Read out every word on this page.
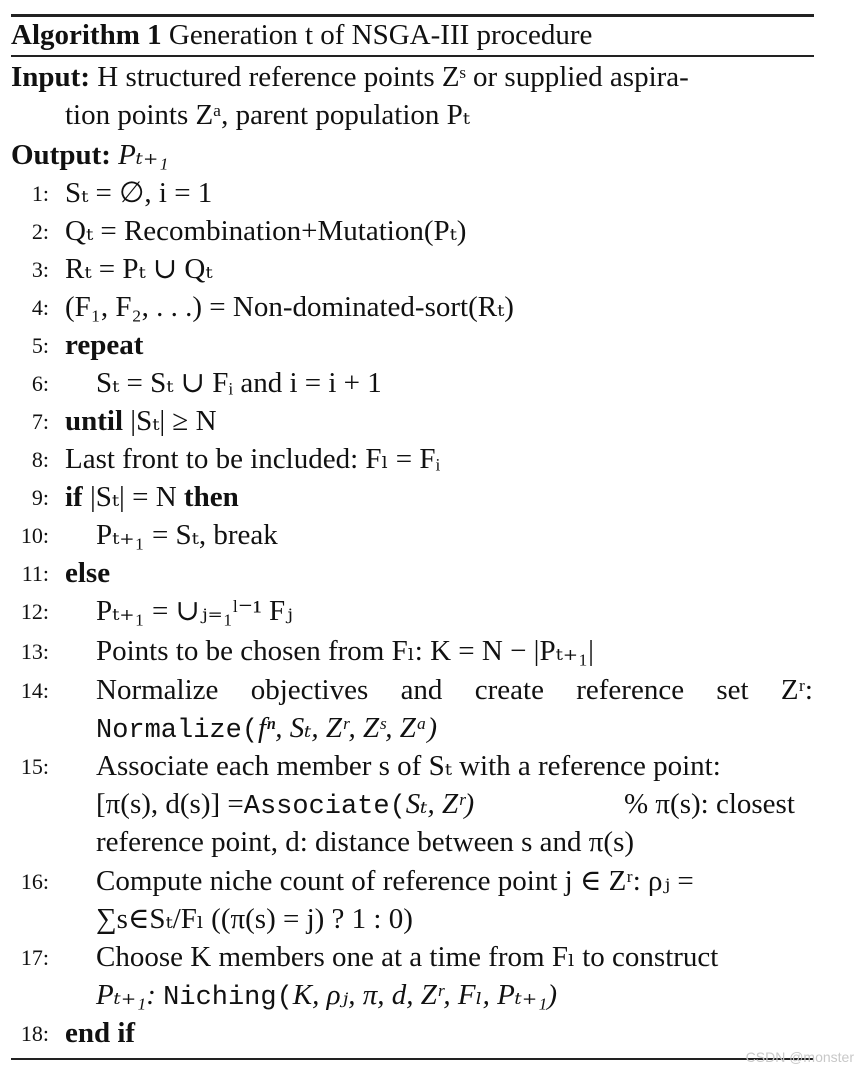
Algorithm 1 Generation t of NSGA-III procedure
Input: H structured reference points Zˢ or supplied aspira-
tion points Zᵃ, parent population Pₜ
Output: Pₜ₊₁
1: Sₜ = ∅, i = 1
2: Qₜ = Recombination+Mutation(Pₜ)
3: Rₜ = Pₜ ∪ Qₜ
4: (F₁, F₂, . . .) = Non-dominated-sort(Rₜ)
5: repeat
6: Sₜ = Sₜ ∪ Fᵢ and i = i + 1
7: until |Sₜ| ≥ N
8: Last front to be included: Fₗ = Fᵢ
9: if |Sₜ| = N then
10: Pₜ₊₁ = Sₜ, break
11: else
12: Pₜ₊₁ = ∪ⱼ₌₁ˡ⁻¹ Fⱼ
13: Points to be chosen from Fₗ: K = N − |Pₜ₊₁|
14: Normalize objectives and create reference set Zʳ:
Normalize(fⁿ, Sₜ, Zʳ, Zˢ, Zᵃ)
15: Associate each member s of Sₜ with a reference point:
[π(s), d(s)] =Associate(Sₜ, Zʳ)	% π(s): closest
reference point, d: distance between s and π(s)
16: Compute niche count of reference point j ∈ Zʳ: ρⱼ =
∑s∈Sₜ/Fₗ ((π(s) = j) ? 1 : 0)
17: Choose K members one at a time from Fₗ to construct
Pₜ₊₁: Niching(K, ρⱼ, π, d, Zʳ, Fₗ, Pₜ₊₁)
18: end if
CSDN @monster
